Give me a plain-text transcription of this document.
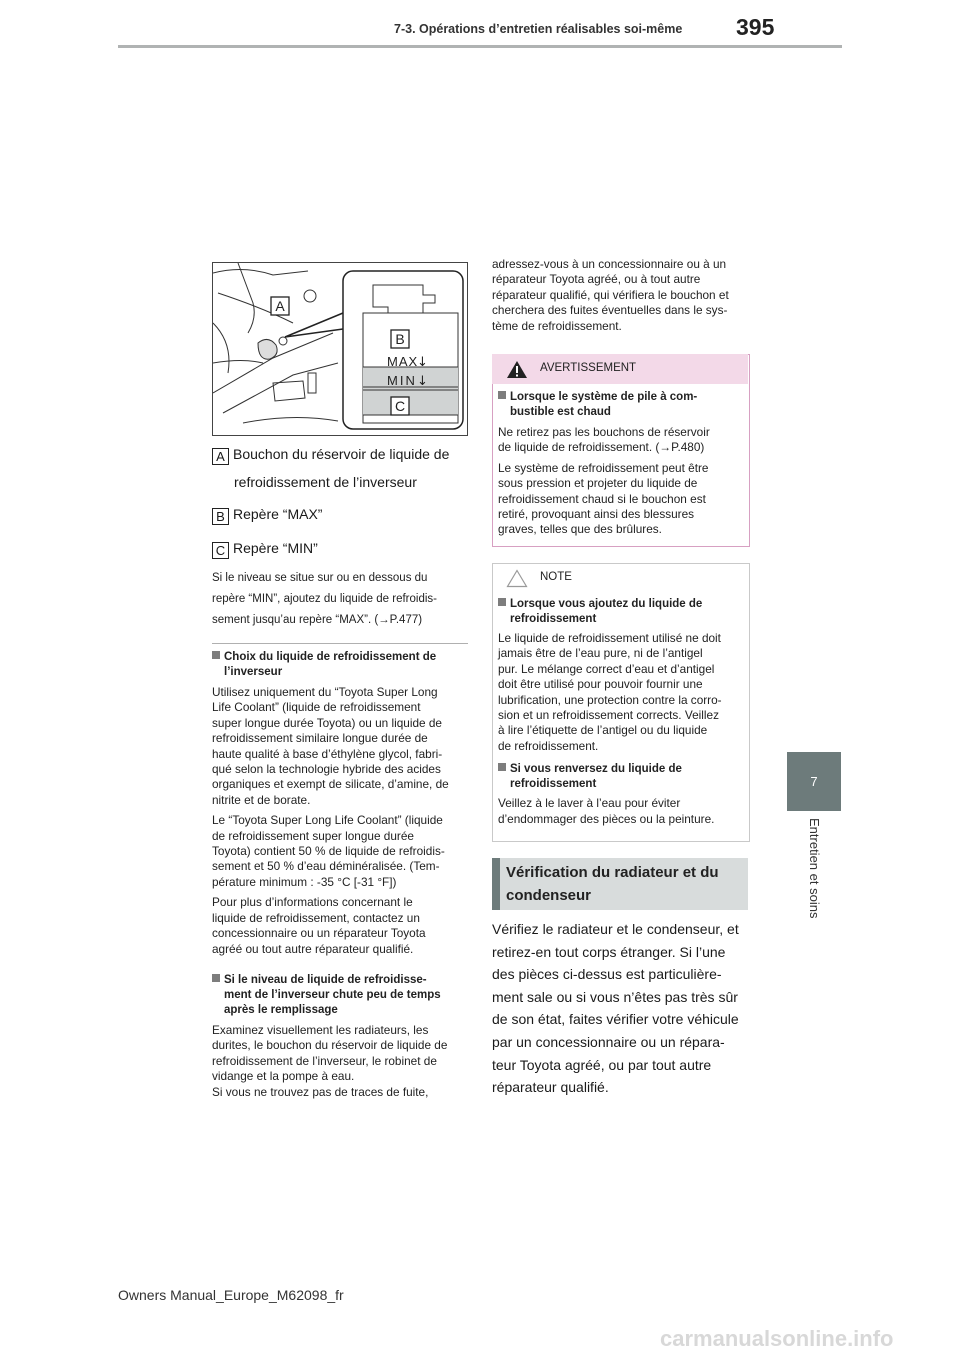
7-3. Opérations d’entretien réalisables soi-même 395
7
Entretien et soins
A
B
MAX
↓
MIN ↓
C
A Bouchon du réservoir de liquide de
refroidissement de l’inverseur
B Repère “MAX”
C Repère “MIN”
Si le niveau se situe sur ou en dessous du
repère “MIN”, ajoutez du liquide de refroidis-
sement jusqu’au repère “MAX”. (→P.477)
Choix du liquide de refroidissement de
l’inverseur
Utilisez uniquement du “Toyota Super Long
Life Coolant” (liquide de refroidissement
super longue durée Toyota) ou un liquide de
refroidissement similaire longue durée de
haute qualité à base d’éthylène glycol, fabri-
qué selon la technologie hybride des acides
organiques et exempt de silicate, d’amine, de
nitrite et de borate.
Le “Toyota Super Long Life Coolant” (liquide
de refroidissement super longue durée
Toyota) contient 50 % de liquide de refroidis-
sement et 50 % d’eau déminéralisée. (Tem-
pérature minimum : -35 °C [-31 °F])
Pour plus d’informations concernant le
liquide de refroidissement, contactez un
concessionnaire ou un réparateur Toyota
agréé ou tout autre réparateur qualifié.
Si le niveau de liquide de refroidisse-
ment de l’inverseur chute peu de temps
après le remplissage
Examinez visuellement les radiateurs, les
durites, le bouchon du réservoir de liquide de
refroidissement de l’inverseur, le robinet de
vidange et la pompe à eau.
Si vous ne trouvez pas de traces de fuite,
adressez-vous à un concessionnaire ou à un
réparateur Toyota agréé, ou à tout autre
réparateur qualifié, qui vérifiera le bouchon et
cherchera des fuites éventuelles dans le sys-
tème de refroidissement.
AVERTISSEMENT
Lorsque le système de pile à com-
bustible est chaud
Ne retirez pas les bouchons de réservoir
de liquide de refroidissement. (→P.480)
Le système de refroidissement peut être
sous pression et projeter du liquide de
refroidissement chaud si le bouchon est
retiré, provoquant ainsi des blessures
graves, telles que des brûlures.
NOTE
Lorsque vous ajoutez du liquide de
refroidissement
Le liquide de refroidissement utilisé ne doit
jamais être de l’eau pure, ni de l’antigel
pur. Le mélange correct d’eau et d’antigel
doit être utilisé pour pouvoir fournir une
lubrification, une protection contre la corro-
sion et un refroidissement corrects. Veillez
à lire l’étiquette de l’antigel ou du liquide
de refroidissement.
Si vous renversez du liquide de
refroidissement
Veillez à le laver à l’eau pour éviter
d’endommager des pièces ou la peinture.
Vérification du radiateur et du
condenseur
Vérifiez le radiateur et le condenseur, et
retirez-en tout corps étranger. Si l’une
des pièces ci-dessus est particulière-
ment sale ou si vous n’êtes pas très sûr
de son état, faites vérifier votre véhicule
par un concessionnaire ou un répara-
teur Toyota agréé, ou par tout autre
réparateur qualifié.
Owners Manual_Europe_M62098_fr
carmanualsonline.info
